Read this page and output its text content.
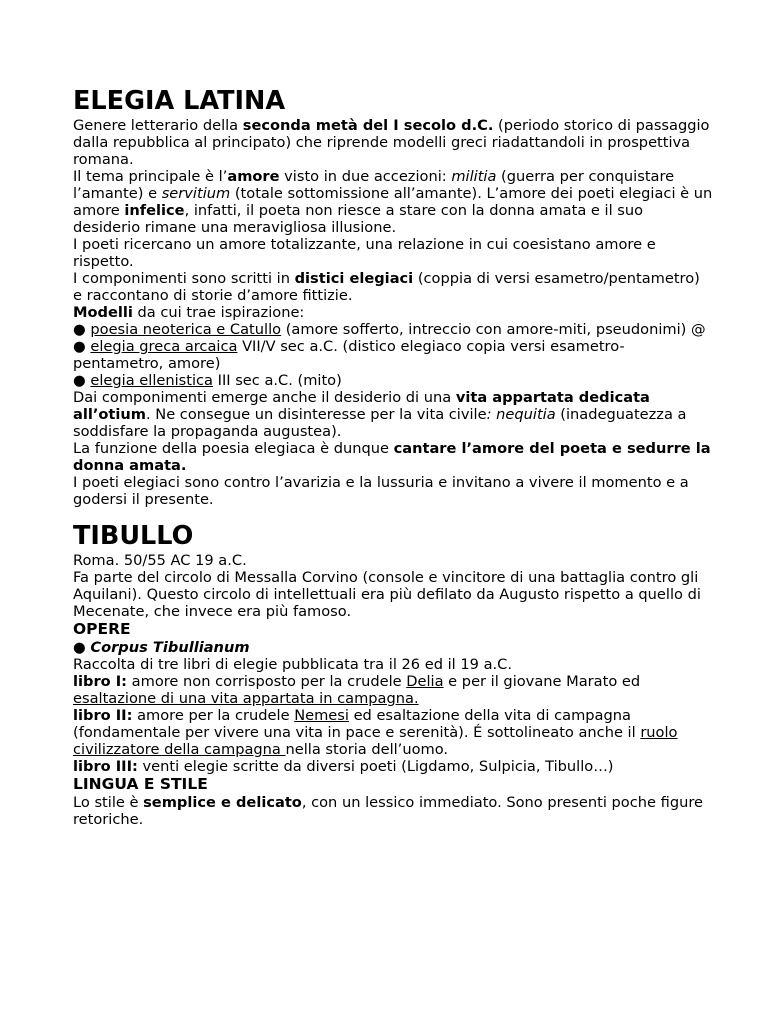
ELEGIA LATINA

Genere letterario della seconda metà del I secolo d.C. (periodo storico di passaggio dalla repubblica al principato) che riprende modelli greci riadattandoli in prospettiva romana.

Il tema principale è l’amore visto in due accezioni: militia (guerra per conquistare l’amante) e servitium (totale sottomissione all’amante). L’amore dei poeti elegiaci è un amore infelice, infatti, il poeta non riesce a stare con la donna amata e il suo desiderio rimane una meravigliosa illusione.

I poeti ricercano un amore totalizzante, una relazione in cui coesistano amore e rispetto.

I componimenti sono scritti in distici elegiaci (coppia di versi esametro/pentametro) e raccontano di storie d’amore fittizie.

Modelli da cui trae ispirazione:

● poesia neoterica e Catullo (amore sofferto, intreccio con amore-miti, pseudonimi) @

● elegia greca arcaica VII/V sec a.C. (distico elegiaco copia versi esametro-pentametro, amore)

● elegia ellenistica III sec a.C. (mito)

Dai componimenti emerge anche il desiderio di una vita appartata dedicata all’otium. Ne consegue un disinteresse per la vita civile: nequitia (inadeguatezza a soddisfare la propaganda augustea).

La funzione della poesia elegiaca è dunque cantare l’amore del poeta e sedurre la donna amata.

I poeti elegiaci sono contro l’avarizia e la lussuria e invitano a vivere il momento e a godersi il presente.

TIBULLO

Roma. 50/55 AC 19 a.C.

Fa parte del circolo di Messalla Corvino (console e vincitore di una battaglia contro gli Aquilani). Questo circolo di intellettuali era più defilato da Augusto rispetto a quello di Mecenate, che invece era più famoso.

OPERE

● Corpus Tibullianum

Raccolta di tre libri di elegie pubblicata tra il 26 ed il 19 a.C.

libro I: amore non corrisposto per la crudele Delia e per il giovane Marato ed esaltazione di una vita appartata in campagna.

libro II: amore per la crudele Nemesi ed esaltazione della vita di campagna (fondamentale per vivere una vita in pace e serenità). É sottolineato anche il ruolo civilizzatore della campagna nella storia dell’uomo.

libro III: venti elegie scritte da diversi poeti (Ligdamo, Sulpicia, Tibullo…)

LINGUA E STILE

Lo stile è semplice e delicato, con un lessico immediato. Sono presenti poche figure retoriche.
